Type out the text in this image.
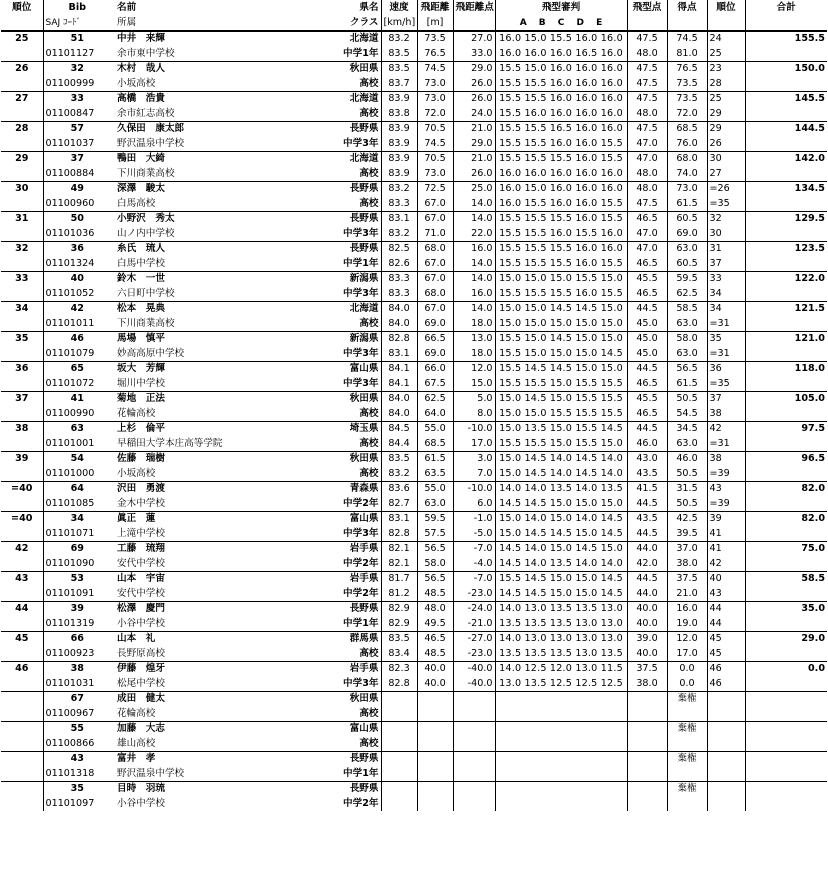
順位	Bib	名前 県名	速度	飛距離	飛距離点	飛型審判	飛型点	得点	順位	合計
	SAJ ｺｰﾄﾞ	所属 クラス	[km/h]	[m]		A　 B　 C　 D　 E				
25	51	中井　来輝 北海道	83.2	73.5	27.0	16.0 15.0 15.5 16.0 16.0	47.5	74.5	24	155.5
	01101127	余市東中学校 中学1年	83.5	76.5	33.0	16.0 16.0 16.0 16.5 16.0	48.0	81.0	25	
26	32	木村　哉人 秋田県	83.5	74.5	29.0	15.5 15.0 16.0 16.0 16.0	47.5	76.5	23	150.0
	01100999	小坂高校 高校	83.7	73.0	26.0	15.5 15.5 16.0 16.0 16.0	47.5	73.5	28	
27	33	高橋　浩貴 北海道	83.9	73.0	26.0	15.5 15.5 16.0 16.0 16.0	47.5	73.5	25	145.5
	01100847	余市紅志高校 高校	83.8	72.0	24.0	15.5 16.0 16.0 16.0 16.0	48.0	72.0	29	
28	57	久保田　康太郎 長野県	83.9	70.5	21.0	15.5 15.5 16.5 16.0 16.0	47.5	68.5	29	144.5
	01101037	野沢温泉中学校 中学3年	83.9	74.5	29.0	15.5 15.5 16.0 16.0 15.5	47.0	76.0	26	
29	37	鴨田　大綺 北海道	83.9	70.5	21.0	15.5 15.5 15.5 16.0 15.5	47.0	68.0	30	142.0
	01100884	下川商業高校 高校	83.9	73.0	26.0	16.0 16.0 16.0 16.0 16.0	48.0	74.0	27	
30	49	深澤　駿太 長野県	83.2	72.5	25.0	16.0 15.0 16.0 16.0 16.0	48.0	73.0	=26	134.5
	01100960	白馬高校 高校	83.3	67.0	14.0	16.0 15.5 16.0 16.0 15.5	47.5	61.5	=35	
31	50	小野沢　秀太 長野県	83.1	67.0	14.0	15.5 15.5 15.5 16.0 15.5	46.5	60.5	32	129.5
	01101036	山ノ内中学校 中学3年	83.2	71.0	22.0	15.5 15.5 16.0 15.5 16.0	47.0	69.0	30	
32	36	糸氏　琉人 長野県	82.5	68.0	16.0	15.5 15.5 15.5 16.0 16.0	47.0	63.0	31	123.5
	01101324	白馬中学校 中学1年	82.6	67.0	14.0	15.5 15.5 15.5 16.0 15.5	46.5	60.5	37	
33	40	鈴木　一世 新潟県	83.3	67.0	14.0	15.0 15.0 15.0 15.5 15.0	45.5	59.5	33	122.0
	01101052	六日町中学校 中学3年	83.3	68.0	16.0	15.5 15.5 15.5 16.0 15.5	46.5	62.5	34	
34	42	松本　晃典 北海道	84.0	67.0	14.0	15.0 15.0 14.5 14.5 15.0	44.5	58.5	34	121.5
	01101011	下川商業高校 高校	84.0	69.0	18.0	15.0 15.0 15.0 15.0 15.0	45.0	63.0	=31	
35	46	馬場　慎平 新潟県	82.8	66.5	13.0	15.5 15.0 14.5 15.0 15.0	45.0	58.0	35	121.0
	01101079	妙高高原中学校 中学3年	83.1	69.0	18.0	15.5 15.0 15.0 15.0 14.5	45.0	63.0	=31	
36	65	坂大　芳輝 富山県	84.1	66.0	12.0	15.5 14.5 14.5 15.0 15.0	44.5	56.5	36	118.0
	01101072	堀川中学校 中学3年	84.1	67.5	15.0	15.5 15.5 15.0 15.5 15.5	46.5	61.5	=35	
37	41	菊地　正法 秋田県	84.0	62.5	5.0	15.0 14.5 15.0 15.5 15.5	45.5	50.5	37	105.0
	01100990	花輪高校 高校	84.0	64.0	8.0	15.0 15.0 15.5 15.5 15.5	46.5	54.5	38	
38	63	上杉　倫平 埼玉県	84.5	55.0	-10.0	15.0 13.5 15.0 15.5 14.5	44.5	34.5	42	97.5
	01101001	早稲田大学本庄高等学院 高校	84.4	68.5	17.0	15.5 15.5 15.0 15.5 15.0	46.0	63.0	=31	
39	54	佐藤　瑞樹 秋田県	83.5	61.5	3.0	15.0 14.5 14.0 14.5 14.0	43.0	46.0	38	96.5
	01101000	小坂高校 高校	83.2	63.5	7.0	15.0 14.5 14.0 14.5 14.0	43.5	50.5	=39	
=40	64	沢田　勇渡 青森県	83.6	55.0	-10.0	14.0 14.0 13.5 14.0 13.5	41.5	31.5	43	82.0
	01101085	金木中学校 中学2年	82.7	63.0	6.0	14.5 14.5 15.0 15.0 15.0	44.5	50.5	=39	
=40	34	眞正　蓮 富山県	83.1	59.5	-1.0	15.0 14.0 15.0 14.0 14.5	43.5	42.5	39	82.0
	01101071	上滝中学校 中学3年	82.8	57.5	-5.0	15.0 14.5 14.5 15.0 14.5	44.5	39.5	41	
42	69	工藤　琉翔 岩手県	82.1	56.5	-7.0	14.5 14.0 15.0 14.5 15.0	44.0	37.0	41	75.0
	01101090	安代中学校 中学2年	82.1	58.0	-4.0	14.5 14.0 13.5 14.0 14.0	42.0	38.0	42	
43	53	山本　宇宙 岩手県	81.7	56.5	-7.0	15.5 14.5 15.0 15.0 14.5	44.5	37.5	40	58.5
	01101091	安代中学校 中学2年	81.2	48.5	-23.0	14.5 14.5 15.0 15.0 14.5	44.0	21.0	43	
44	39	松澤　慶門 長野県	82.9	48.0	-24.0	14.0 13.0 13.5 13.5 13.0	40.0	16.0	44	35.0
	01101319	小谷中学校 中学1年	82.9	49.5	-21.0	13.5 13.5 13.5 13.0 13.0	40.0	19.0	44	
45	66	山本　礼 群馬県	83.5	46.5	-27.0	14.0 13.0 13.0 13.0 13.0	39.0	12.0	45	29.0
	01100923	長野原高校 高校	83.4	48.5	-23.0	13.5 13.5 13.5 13.0 13.5	40.0	17.0	45	
46	38	伊藤　煌牙 岩手県	82.3	40.0	-40.0	14.0 12.5 12.0 13.0 11.5	37.5	0.0	46	0.0
	01101031	松尾中学校 中学3年	82.8	40.0	-40.0	13.0 13.5 12.5 12.5 12.5	38.0	0.0	46	
	67	成田　健太 秋田県						棄権		
	01100967	花輪高校 高校								

	55	加藤　大志 富山県						棄権		
	01100866	雄山高校 高校								

	43	富井　孝 長野県						棄権		
	01101318	野沢温泉中学校 中学1年								

	35	目時　羽琉 長野県						棄権		
	01101097	小谷中学校 中学2年								
